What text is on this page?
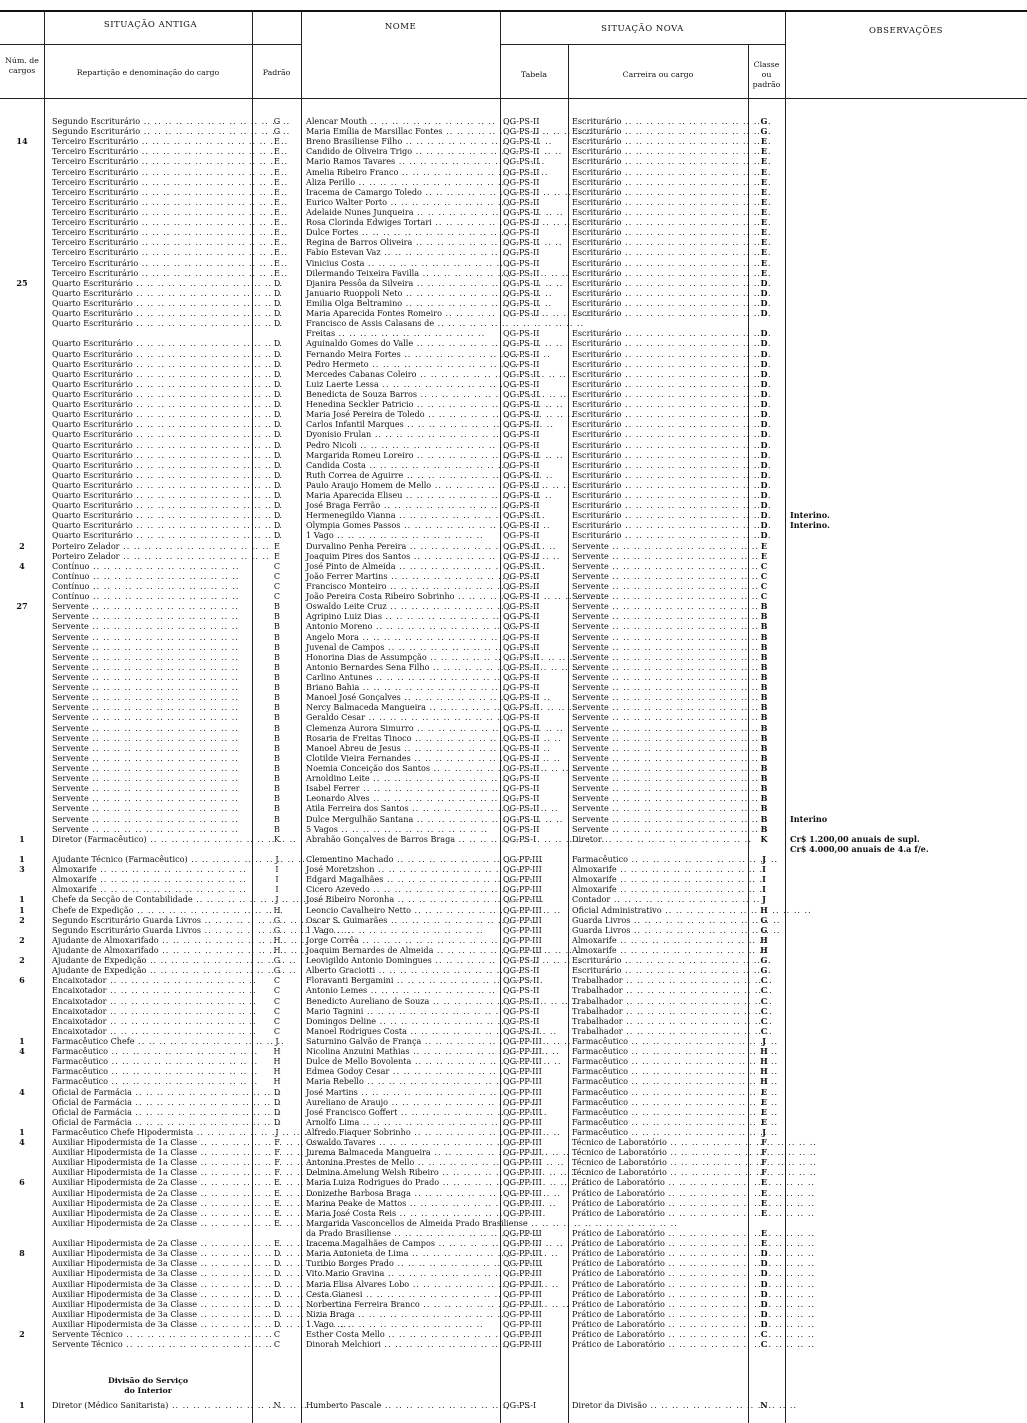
SITUAÇÃO ANTIGA	NOME	SITUAÇÃO NOVA	OBSERVAÇÕES
Núm. de cargos	Repartição e denominação do cargo	Padrão	Tabela	Carreira ou cargo
Classe ou padrão
Segundo Escriturário .. ..	G	Alencar Mouth .. ..	QG-PS-II	Escriturário .. ..	G
Segundo Escriturário .. ..	G	Maria Emília de Marsillac Fontes .. ..	QG-PS-II	Escriturário .. ..	G
14	Terceiro Escriturário .. ..	E	Breno Brasiliense Filho .. ..	QG-PS-II	Escriturário .. ..	E
Terceiro Escriturário .. ..	E	Candido de Oliveira Trigo .. ..	QG-PS-II	Escriturário .. ..	E
Terceiro Escriturário .. ..	E	Mario Ramos Tavares .. ..	QG-PS-II	Escriturário .. ..	E
Terceiro Escriturário .. ..	E	Amelia Ribeiro Franco .. ..	QG-PS-II	Escriturário .. ..	E
Terceiro Escriturário .. ..	E	Aliza Perillo .. ..	QG-PS-II	Escriturário .. ..	E
Terceiro Escriturário .. ..	E	Iracema de Camargo Toledo .. ..	QG-PS-II	Escriturário .. ..	E
Terceiro Escriturário .. ..	E	Eurico Walter Porto .. ..	QG-PS-II	Escriturário .. ..	E
Terceiro Escriturário .. ..	E	Adelaide Nunes Junqueira .. ..	QG-PS-II	Escriturário .. ..	E
Terceiro Escriturário .. ..	E	Rosa Clorinda Edwiges Tortari .. ..	QG-PS-II	Escriturário .. ..	E
Terceiro Escriturário .. ..	E	Dulce Fortes .. ..	QG-PS-II	Escriturário .. ..	E
Terceiro Escriturário .. ..	E	Regina de Barros Oliveira .. ..	QG-PS-II	Escriturário .. ..	E
Terceiro Escriturário .. ..	E	Fabio Estevan Vaz .. ..	QG-PS-II	Escriturário .. ..	E
Terceiro Escriturário .. ..	E	Vinicius Costa .. ..	QG-PS-II	Escriturário .. ..	E
Terceiro Escriturário .. ..	E	Dilermando Teixeira Favilla .. ..	QG-PS-II	Escriturário .. ..	E
25	Quarto Escriturário .. ..	D	Djanira Pessôa da Silveira .. ..	QG-PS-II	Escriturário .. ..	D
Quarto Escriturário .. ..	D	Januario Ruoppoli Neto .. ..	QG-PS-II	Escriturário .. ..	D
Quarto Escriturário .. ..	D	Emilia Olga Beltramino .. ..	QG-PS-II	Escriturário .. ..	D
Quarto Escriturário .. ..	D	Maria Aparecida Fontes Romeiro .. ..	QG-PS-II	Escriturário .. ..	D
Quarto Escriturário .. ..	D	Francisco de Assis Calasans de .. ..
Freitas .. ..	QG-PS-II	Escriturário .. ..	D
Quarto Escriturário .. ..	D	Aguinaldo Gomes do Valle .. ..	QG-PS-II	Escriturário .. ..	D
Quarto Escriturário .. ..	D	Fernando Meira Fortes .. ..	QG-PS-II	Escriturário .. ..	D
Quarto Escriturário .. ..	D	Pedro Hermeto .. ..	QG-PS-II	Escriturário .. ..	D
Quarto Escriturário .. ..	D	Mercedes Cabanas Coleiro .. ..	QG-PS-II	Escriturário .. ..	D
Quarto Escriturário .. ..	D	Luiz Laerte Lessa .. ..	QG-PS-II	Escriturário .. ..	D
Quarto Escriturário .. ..	D	Benedicta de Souza Barros .. ..	QG-PS-II	Escriturário .. ..	D
Quarto Escriturário .. ..	D	Henedina Seckler Patricio .. ..	QG-PS-II	Escriturário .. ..	D
Quarto Escriturário .. ..	D	Maria José Pereira de Toledo .. ..	QG-PS-II	Escriturário .. ..	D
Quarto Escriturário .. ..	D	Carlos Infantil Marques .. ..	QG-PS-II	Escriturário .. ..	D
Quarto Escriturário .. ..	D	Dyonisio Frulan .. ..	QG-PS-II	Escriturário .. ..	D
Quarto Escriturário .. ..	D	Pedro Nicoli .. ..	QG-PS-II	Escriturário .. ..	D
Quarto Escriturário .. ..	D	Margarida Romeu Loreiro .. ..	QG-PS-II	Escriturário .. ..	D
Quarto Escriturário .. ..	D	Candida Costa .. ..	QG-PS-II	Escriturário .. ..	D
Quarto Escriturário .. ..	D	Ruth Correa de Aguirre .. ..	QG-PS-II	Escriturário .. ..	D
Quarto Escriturário .. ..	D	Paulo Araujo Homem de Mello .. ..	QG-PS-II	Escriturário .. ..	D
Quarto Escriturário .. ..	D	Maria Aparecida Eliseu .. ..	QG-PS-II	Escriturário .. ..	D
Quarto Escriturário .. ..	D	José Braga Ferrão .. ..	QG-PS-II	Escriturário .. ..	D
Quarto Escriturário .. ..	D	Hermenegildo Vianna .. ..	QG-PS-II	Escriturário .. ..	D	Interino.
Quarto Escriturário .. ..	D	Olympia Gomes Passos .. ..	QG-PS-II	Escriturário .. ..	D	Interino.
Quarto Escriturário .. ..	D	1 Vago .. ..	QG-PS-II	Escriturário .. ..	D
2	Porteiro Zelador .. ..	E	Durvalino Penha Pereira .. ..	QG-PS-II	Servente .. ..	E
Porteiro Zelador .. ..	E	Joaquim Pires dos Santos .. ..	QG-PS-II	Servente .. ..	E
4	Contínuo .. ..	C	José Pinto de Almeida .. ..	QG-PS-II	Servente .. ..	C
Contínuo .. ..	C	João Ferrer Martins .. ..	QG-PS-II	Servente .. ..	C
Contínuo .. ..	C	Francisco Monteiro .. ..	QG-PS-II	Servente .. ..	C
Contínuo .. ..	C	João Pereira Costa Ribeiro Sobrinho .. ..	QG-PS-II	Servente .. ..	C
27	Servente .. ..	B	Oswaldo Leite Cruz .. ..	QG-PS-II	Servente .. ..	B
Servente .. ..	B	Agripino Luiz Dias .. ..	QG-PS-II	Servente .. ..	B
Servente .. ..	B	Antonio Moreno .. ..	QG-PS-II	Servente .. ..	B
Servente .. ..	B	Angelo Mora .. ..	QG-PS-II	Servente .. ..	B
Servente .. ..	B	Juvenal de Campos .. ..	QG-PS-II	Servente .. ..	B
Servente .. ..	B	Honorina Dias de Assumpção .. ..	QG-PS-II	Servente .. ..	B
Servente .. ..	B	Antonio Bernardes Sena Filho .. ..	QG-PS-II	Servente .. ..	B
Servente .. ..	B	Carlino Antunes .. ..	QG-PS-II	Servente .. ..	B
Servente .. ..	B	Briano Bahia .. ..	QG-PS-II	Servente .. ..	B
Servente .. ..	B	Manoel José Gonçalves .. ..	QG-PS-II	Servente .. ..	B
Servente .. ..	B	Nercy Balmaceda Mangueira .. ..	QG-PS-II	Servente .. ..	B
Servente .. ..	B	Geraldo Cesar .. ..	QG-PS-II	Servente .. ..	B
Servente .. ..	B	Clemenza Aurora Simurro .. ..	QG-PS-II	Servente .. ..	B
Servente .. ..	B	Rosaria de Freitas Tinoco .. ..	QG-PS-II	Servente .. ..	B
Servente .. ..	B	Manoel Abreu de Jesus .. ..	QG-PS-II	Servente .. ..	B
Servente .. ..	B	Clotilde Vieira Fernandes .. ..	QG-PS-II	Servente .. ..	B
Servente .. ..	B	Noemia Conceição dos Santos .. ..	QG-PS-II	Servente .. ..	B
Servente .. ..	B	Arnoldino Leite .. ..	QG-PS-II	Servente .. ..	B
Servente .. ..	B	Isabel Ferrer .. ..	QG-PS-II	Servente .. ..	B
Servente .. ..	B	Leonardo Alves .. ..	QG-PS-II	Servente .. ..	B
Servente .. ..	B	Atila Ferreira dos Santos .. ..	QG-PS-II	Servente .. ..	B
Servente .. ..	B	Dulce Mergulhão Santana .. ..	QG-PS-II	Servente .. ..	B	Interino
Servente .. ..	B	5 Vagos .. ..	QG-PS-II	Servente .. ..	B
1	Diretor (Farmacêutico) .. ..	K	Abrahão Gonçalves de Barros Braga .. ..	QG-PS-I	Diretor .. ..	K	Cr$ 1.200,00 anuais de supl.
Cr$ 4.000,00 anuais de 4.a f/e.
1	Ajudante Técnico (Farmacêutico) .. ..	J	Clementino Machado .. ..	QG-PP-III	Farmacêutico .. ..	J
3	Almoxarife .. ..	I	José Moretzshon .. ..	QG-PP-III	Almoxarife .. ..	I
Almoxarife .. ..	I	Edgard Magalhães .. ..	QG-PP-III	Almoxarife .. ..	I
Almoxarife .. ..	I	Cicero Azevedo .. ..	QG-PP-III	Almoxarife .. ..	I
1	Chefe da Secção de Contabilidade .. ..	J	José Ribeiro Noronha .. ..	QG-PP-III	Contador .. ..	J
1	Chefe de Expedição .. ..	H	Leoncio Cavalheiro Netto .. ..	QG-PP-III	Oficial Administrativo .. ..	H
2	Segundo Escriturário Guarda Livros .. ..	G	Oscar S. Guimarães .. ..	QG-PP-III	Guarda Livros .. ..	G
Segundo Escriturário Guarda Livros .. ..	G	1 Vago .. ..	QG-PP-III	Guarda Livros .. ..	G
2	Ajudante de Almoxarifado .. ..	H	Jorge Corrêa .. ..	QG-PP-III	Almoxarife .. ..	H
Ajudante de Almoxarifado .. ..	H	Joaquim Bernardes de Almeida .. ..	QG-PP-III	Almoxarife .. ..	H
2	Ajudante de Expedição .. ..	G	Leovigildo Antonio Domingues .. ..	QG-PS-II	Escriturário .. ..	G
Ajudante de Expedição .. ..	G	Alberto Graciotti .. ..	QG-PS-II	Escriturário .. ..	G
6	Encaixotador .. ..	C	Floravanti Bergamini .. ..	QG-PS-II	Trabalhador .. ..	C
Encaixotador .. ..	C	Antonio Lemes .. ..	QG-PS-II	Trabalhador .. ..	C
Encaixotador .. ..	C	Benedicto Aureliano de Souza .. ..	QG-PS-II	Trabalhador .. ..	C
Encaixotador .. ..	C	Mario Tagnini .. ..	QG-PS-II	Trabalhador .. ..	C
Encaixotador .. ..	C	Domingos Deline .. ..	QG-PS-II	Trabalhador .. ..	C
Encaixotador .. ..	C	Manoel Rodrigues Costa .. ..	QG-PS-II	Trabalhador .. ..	C
1	Farmacêutico Chefe .. ..	J	Saturnino Galvão de França .. ..	QG-PP-III	Farmacêutico .. ..	J
4	Farmacêutico .. ..	H	Nicolina Anzuini Mathias .. ..	QG-PP-III	Farmacêutico .. ..	H
Farmacêutico .. ..	H	Dulce de Mello Bovolenta .. ..	QG-PP-III	Farmacêutico .. ..	H
Farmacêutico .. ..	H	Edmea Godoy Cesar .. ..	QG-PP-III	Farmacêutico .. ..	H
Farmacêutico .. ..	H	Maria Rebello .. ..	QG-PP-III	Farmacêutico .. ..	H
4	Oficial de Farmácia .. ..	D	José Martins .. ..	QG-PP-III	Farmacêutico .. ..	E
Oficial de Farmácia .. ..	D	Aureliano de Araujo .. ..	QG-PP-III	Farmacêutico .. ..	E
Oficial de Farmácia .. ..	D	José Francisco Goffert .. ..	QG-PP-III	Farmacêutico .. ..	E
Oficial de Farmácia .. ..	D	Arnolfo Lima .. ..	QG-PP-III	Farmacêutico .. ..	E
1	Farmacêutico Chefe Hipodermista .. ..	J	Alfredo Fiaquer Sobrinho .. ..	QG-PP-III	Farmacêutico .. ..	J
4	Auxiliar Hipodermista de 1a Classe .. ..	F	Oswaldo Tavares .. ..	QG-PP-III	Técnico de Laboratório .. ..	F
Auxiliar Hipodermista de 1a Classe .. ..	F	Jurema Balmaceda Mangueira .. ..	QG-PP-III	Técnico de Laboratório .. ..	F
Auxiliar Hipodermista de 1a Classe .. ..	F	Antonina Prestes de Mello .. ..	QG-PP-III	Técnico de Laboratório .. ..	F
Auxiliar Hipodermista de 1a Classe .. ..	F	Delmina Amelung Welsh Ribeiro .. ..	QG-PP-III	Técnico de Laboratório .. ..	F
6	Auxiliar Hipodermista de 2a Classe .. ..	E	Maria Luiza Rodrigues do Prado .. ..	QG-PP-III	Prático de Laboratório .. ..	E
Auxiliar Hipodermista de 2a Classe .. ..	E	Donizethe Barbosa Braga .. ..	QG-PP-III	Prático de Laboratório .. ..	E
Auxiliar Hipodermista de 2a Classe .. ..	E	Marina Peake de Mattos .. ..	QG-PP-III	Prático de Laboratório .. ..	E
Auxiliar Hipodermista de 2a Classe .. ..	E	Maria José Costa Reis .. ..	QG-PP-III	Prático de Laboratório .. ..	E
Auxiliar Hipodermista de 2a Classe .. ..	E	Margarida Vasconcellos de Almeida Prado Brasiliense .. ..
da Prado Brasiliense .. ..	QG-PP-III	Prático de Laboratório .. ..	E
Auxiliar Hipodermista de 2a Classe .. ..	E	Iracema Magalhães de Campos .. ..	QG-PP-III	Prático de Laboratório .. ..	E
8	Auxiliar Hipodermista de 3a Classe .. ..	D	Maria Antonieta de Lima .. ..	QG-PP-III	Prático de Laboratório .. ..	D
Auxiliar Hipodermista de 3a Classe .. ..	D	Turibio Borges Prado .. ..	QG-PP-III	Prático de Laboratório .. ..	D
Auxiliar Hipodermista de 3a Classe .. ..	D	Vito Mario Gravina .. ..	QG-PP-III	Prático de Laboratório .. ..	D
Auxiliar Hipodermista de 3a Classe .. ..	D	Maria Elisa Alvares Lobo .. ..	QG-PP-III	Prático de Laboratório .. ..	D
Auxiliar Hipodermista de 3a Classe .. ..	D	Cesta Gianesi .. ..	QG-PP-III	Prático de Laboratório .. ..	D
Auxiliar Hipodermista de 3a Classe .. ..	D	Norbertina Ferreira Branco .. ..	QG-PP-III	Prático de Laboratório .. ..	D
Auxiliar Hipodermista de 3a Classe .. ..	D	Nizia Braga .. ..	QG-PP-III	Prático de Laboratório .. ..	D
Auxiliar Hipodermista de 3a Classe .. ..	D	1 Vago .. ..	QG-PP-III	Prático de Laboratório .. ..	D
2	Servente Técnico .. ..	C	Esther Costa Mello .. ..	QG-PP-III	Prático de Laboratório .. ..	C
Servente Técnico .. ..	C	Dinorah Melchiori .. ..	QG-PP-III	Prático de Laboratório .. ..	C
Divisão do Serviço
do Interior
1	Diretor (Médico Sanitarista) .. ..	N	Humberto Pascale .. ..	QG-PS-I	Diretor da Divisão .. ..	N
